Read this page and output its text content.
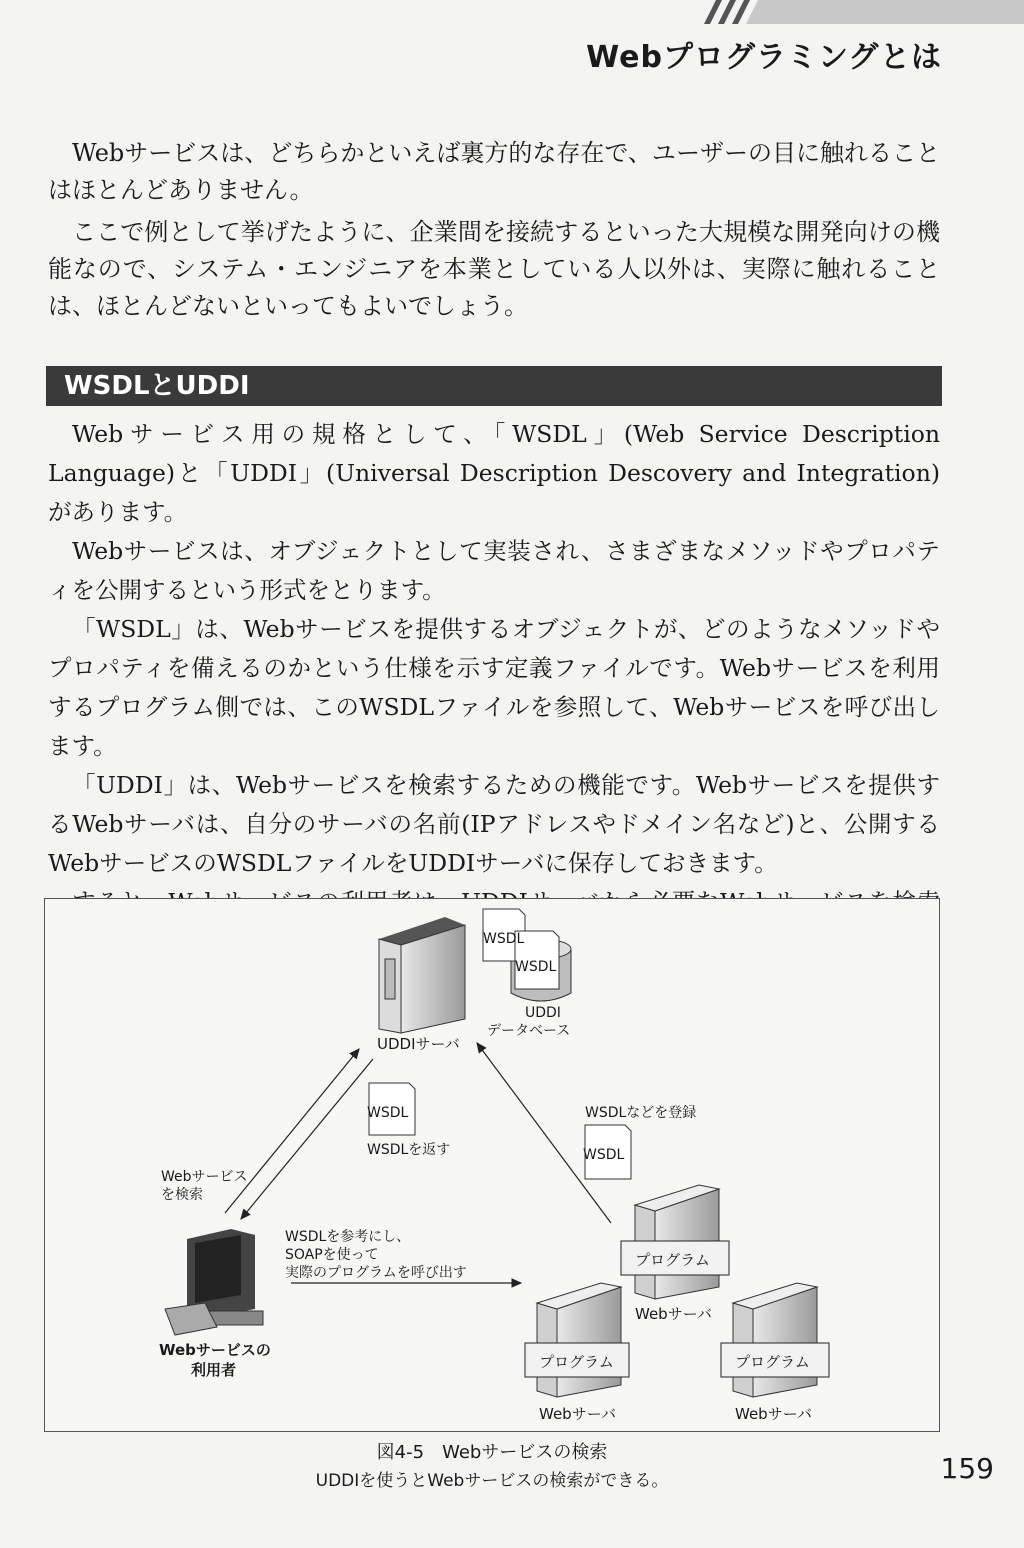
Webプログラミングとは

Webサービスは、どちらかといえば裏方的な存在で、ユーザーの目に触れることはほとんどありません。

ここで例として挙げたように、企業間を接続するといった大規模な開発向けの機能なので、システム・エンジニアを本業としている人以外は、実際に触れることは、ほとんどないといってもよいでしょう。

WSDLとUDDI

Webサービス用の規格として、「WSDL」(Web Service Description Language)と「UDDI」(Universal Description Descovery and Integration) があります。

Webサービスは、オブジェクトとして実装され、さまざまなメソッドやプロパティを公開するという形式をとります。

「WSDL」は、Webサービスを提供するオブジェクトが、どのようなメソッドやプロパティを備えるのかという仕様を示す定義ファイルです。Webサービスを利用するプログラム側では、このWSDLファイルを参照して、Webサービスを呼び出します。

「UDDI」は、Webサービスを検索するための機能です。Webサービスを提供するWebサーバは、自分のサーバの名前(IPアドレスやドメイン名など)と、公開するWebサービスのWSDLファイルをUDDIサーバに保存しておきます。

UDDIサーバ
WSDL
WSDL
UDDI
データベース
WSDL
WSDLを返す
WSDLなどを登録
WSDL
Webサービス
を検索
WSDLを参考にし、
SOAPを使って
実際のプログラムを呼び出す
Webサービスの
利用者
プログラム
Webサーバ
プログラム
Webサーバ
プログラム
Webサーバ
図4-5　Webサービスの検索
UDDIを使うとWebサービスの検索ができる。	159
